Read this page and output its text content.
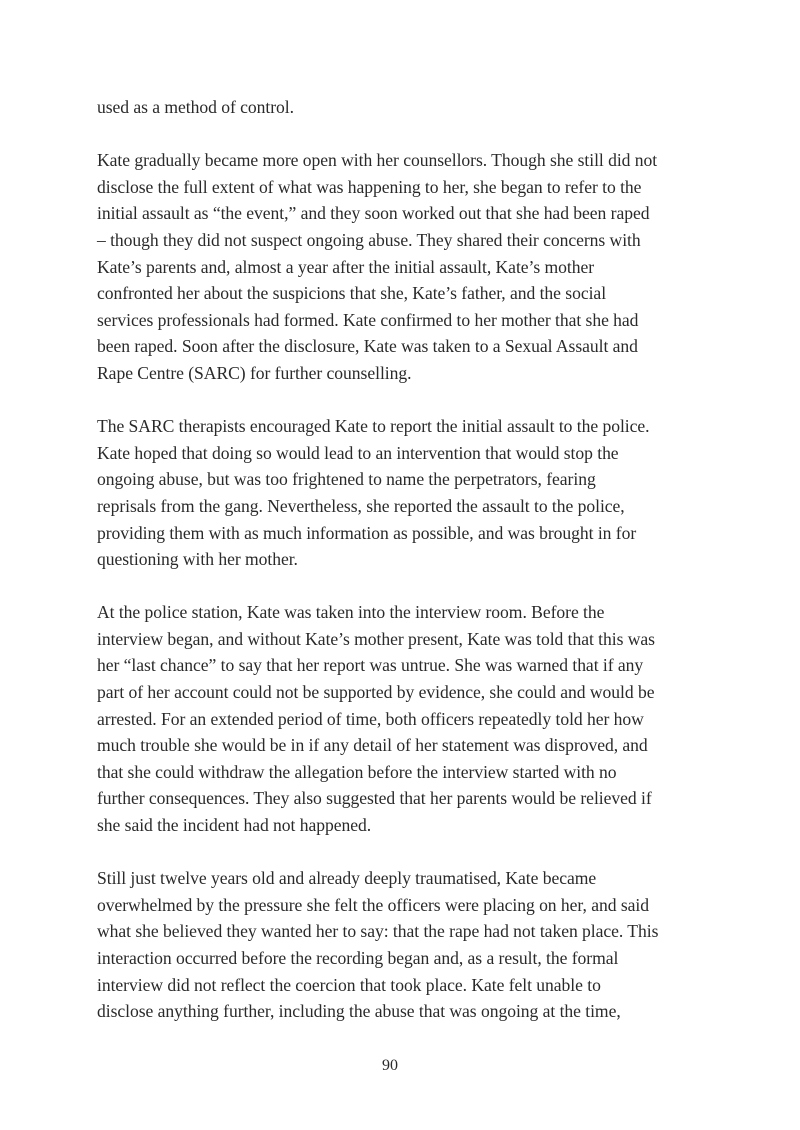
used as a method of control.

Kate gradually became more open with her counsellors. Though she still did not
disclose the full extent of what was happening to her, she began to refer to the
initial assault as “the event,” and they soon worked out that she had been raped
– though they did not suspect ongoing abuse. They shared their concerns with
Kate’s parents and, almost a year after the initial assault, Kate’s mother
confronted her about the suspicions that she, Kate’s father, and the social
services professionals had formed. Kate confirmed to her mother that she had
been raped. Soon after the disclosure, Kate was taken to a Sexual Assault and
Rape Centre (SARC) for further counselling.

The SARC therapists encouraged Kate to report the initial assault to the police.
Kate hoped that doing so would lead to an intervention that would stop the
ongoing abuse, but was too frightened to name the perpetrators, fearing
reprisals from the gang. Nevertheless, she reported the assault to the police,
providing them with as much information as possible, and was brought in for
questioning with her mother.

At the police station, Kate was taken into the interview room. Before the
interview began, and without Kate’s mother present, Kate was told that this was
her “last chance” to say that her report was untrue. She was warned that if any
part of her account could not be supported by evidence, she could and would be
arrested. For an extended period of time, both officers repeatedly told her how
much trouble she would be in if any detail of her statement was disproved, and
that she could withdraw the allegation before the interview started with no
further consequences. They also suggested that her parents would be relieved if
she said the incident had not happened.

Still just twelve years old and already deeply traumatised, Kate became
overwhelmed by the pressure she felt the officers were placing on her, and said
what she believed they wanted her to say: that the rape had not taken place. This
interaction occurred before the recording began and, as a result, the formal
interview did not reflect the coercion that took place. Kate felt unable to
disclose anything further, including the abuse that was ongoing at the time,

90
